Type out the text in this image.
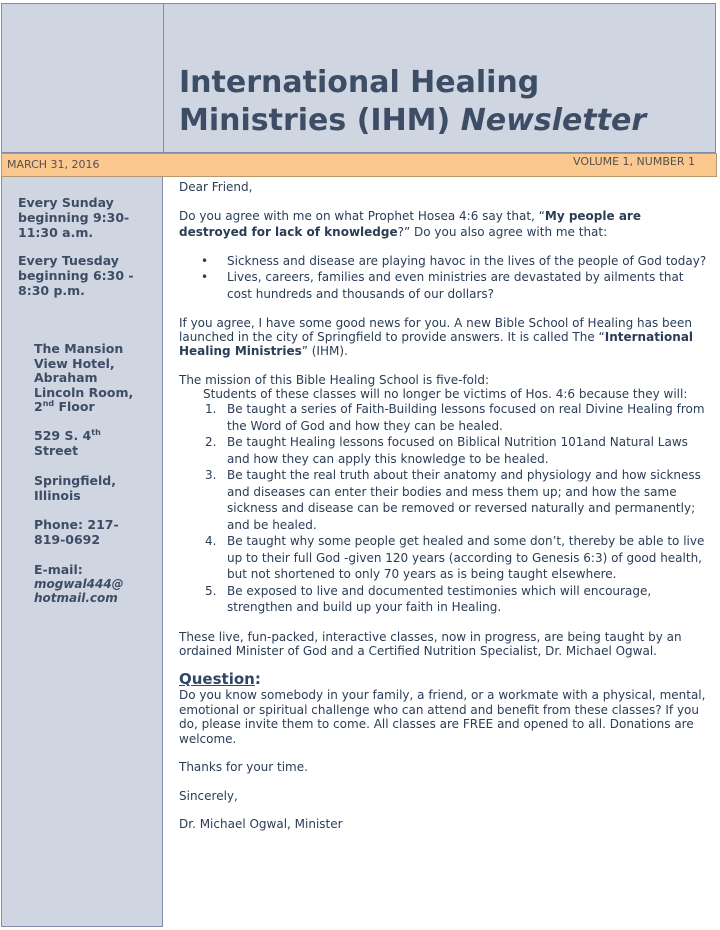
International Healing
Ministries (IHM) Newsletter
MARCH 31, 2016	VOLUME 1, NUMBER 1
Every Sunday beginning 9:30-11:30 a.m.
Every Tuesday beginning 6:30 - 8:30 p.m.
The Mansion View Hotel, Abraham Lincoln Room, 2nd Floor
529 S. 4th Street
Springfield, Illinois
Phone: 217-819-0692
E-mail:
mogwal444@hotmail.com

Dear Friend,

Do you agree with me on what Prophet Hosea 4:6 say that, “My people are destroyed for lack of knowledge?” Do you also agree with me that:

• Sickness and disease are playing havoc in the lives of the people of God today?
• Lives, careers, families and even ministries are devastated by ailments that cost hundreds and thousands of our dollars?

If you agree, I have some good news for you. A new Bible School of Healing has been launched in the city of Springfield to provide answers. It is called The “International Healing Ministries” (IHM).

The mission of this Bible Healing School is five-fold:

Students of these classes will no longer be victims of Hos. 4:6 because they will:

1. Be taught a series of Faith-Building lessons focused on real Divine Healing from the Word of God and how they can be healed.
2. Be taught Healing lessons focused on Biblical Nutrition 101and Natural Laws and how they can apply this knowledge to be healed.
3. Be taught the real truth about their anatomy and physiology and how sickness and diseases can enter their bodies and mess them up; and how the same sickness and disease can be removed or reversed naturally and permanently; and be healed.
4. Be taught why some people get healed and some don’t, thereby be able to live up to their full God -given 120 years (according to Genesis 6:3) of good health, but not shortened to only 70 years as is being taught elsewhere.
5. Be exposed to live and documented testimonies which will encourage, strengthen and build up your faith in Healing.

These live, fun-packed, interactive classes, now in progress, are being taught by an ordained Minister of God and a Certified Nutrition Specialist, Dr. Michael Ogwal.

Question:

Do you know somebody in your family, a friend, or a workmate with a physical, mental, emotional or spiritual challenge who can attend and benefit from these classes? If you do, please invite them to come. All classes are FREE and opened to all. Donations are welcome.

Thanks for your time.

Sincerely,

Dr. Michael Ogwal, Minister
